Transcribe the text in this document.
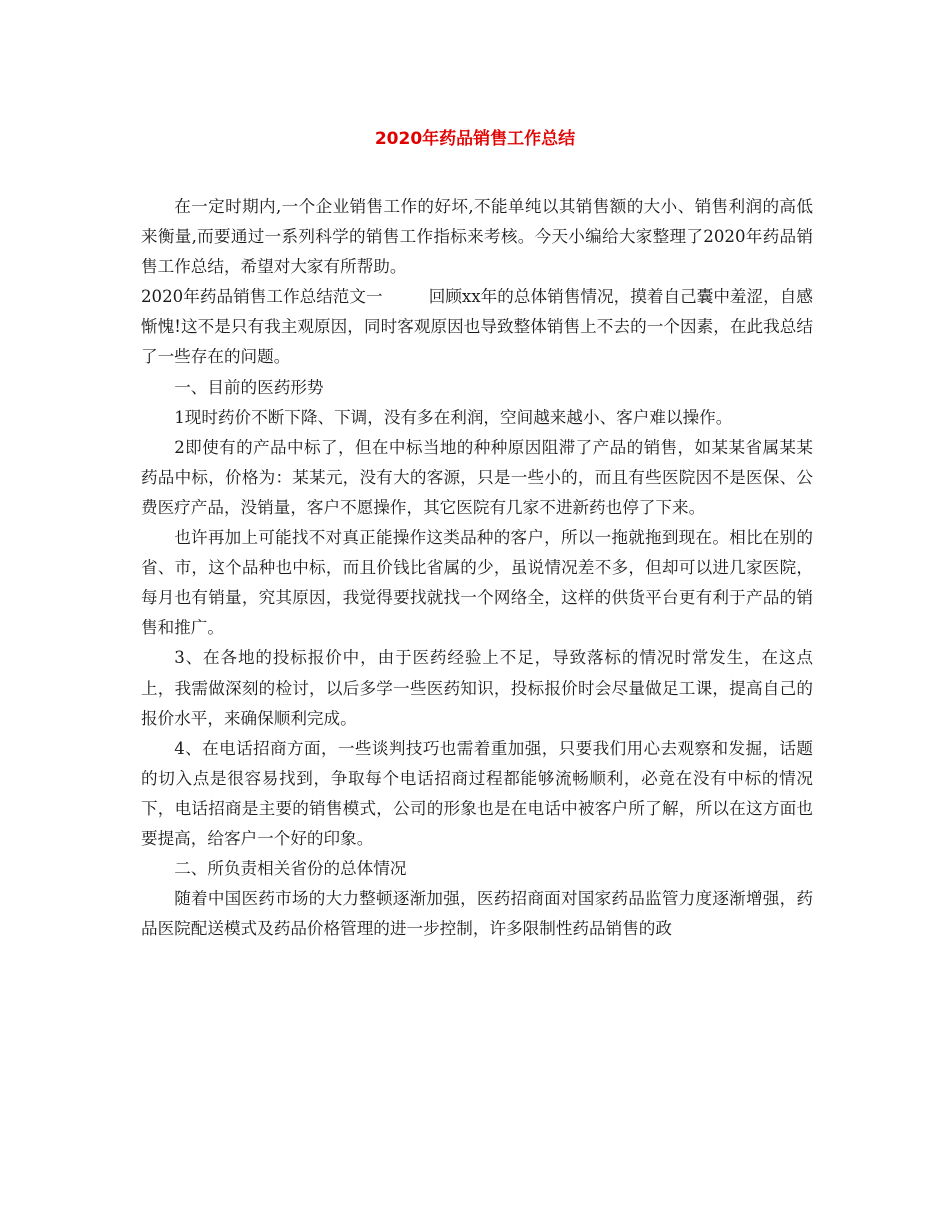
2020年药品销售工作总结

在一定时期内,一个企业销售工作的好坏,不能单纯以其销售额的大小、销售利润的高低来衡量,而要通过一系列科学的销售工作指标来考核。今天小编给大家整理了2020年药品销售工作总结，希望对大家有所帮助。

2020年药品销售工作总结范文一	回顾xx年的总体销售情况，摸着自己囊中羞涩，自感惭愧!这不是只有我主观原因，同时客观原因也导致整体销售上不去的一个因素，在此我总结了一些存在的问题。

一、目前的医药形势

1现时药价不断下降、下调，没有多在利润，空间越来越小、客户难以操作。

2即使有的产品中标了，但在中标当地的种种原因阻滞了产品的销售，如某某省属某某药品中标，价格为：某某元，没有大的客源，只是一些小的，而且有些医院因不是医保、公费医疗产品，没销量，客户不愿操作，其它医院有几家不进新药也停了下来。

也许再加上可能找不对真正能操作这类品种的客户，所以一拖就拖到现在。相比在别的省、市，这个品种也中标，而且价钱比省属的少，虽说情况差不多，但却可以进几家医院，每月也有销量，究其原因，我觉得要找就找一个网络全，这样的供货平台更有利于产品的销售和推广。

3、在各地的投标报价中，由于医药经验上不足，导致落标的情况时常发生，在这点上，我需做深刻的检讨，以后多学一些医药知识，投标报价时会尽量做足工课，提高自己的报价水平，来确保顺利完成。

4、在电话招商方面，一些谈判技巧也需着重加强，只要我们用心去观察和发掘，话题的切入点是很容易找到，争取每个电话招商过程都能够流畅顺利，必竟在没有中标的情况下，电话招商是主要的销售模式，公司的形象也是在电话中被客户所了解，所以在这方面也要提高，给客户一个好的印象。

二、所负责相关省份的总体情况

随着中国医药市场的大力整顿逐渐加强，医药招商面对国家药品监管力度逐渐增强，药品医院配送模式及药品价格管理的进一步控制，许多限制性药品销售的政
